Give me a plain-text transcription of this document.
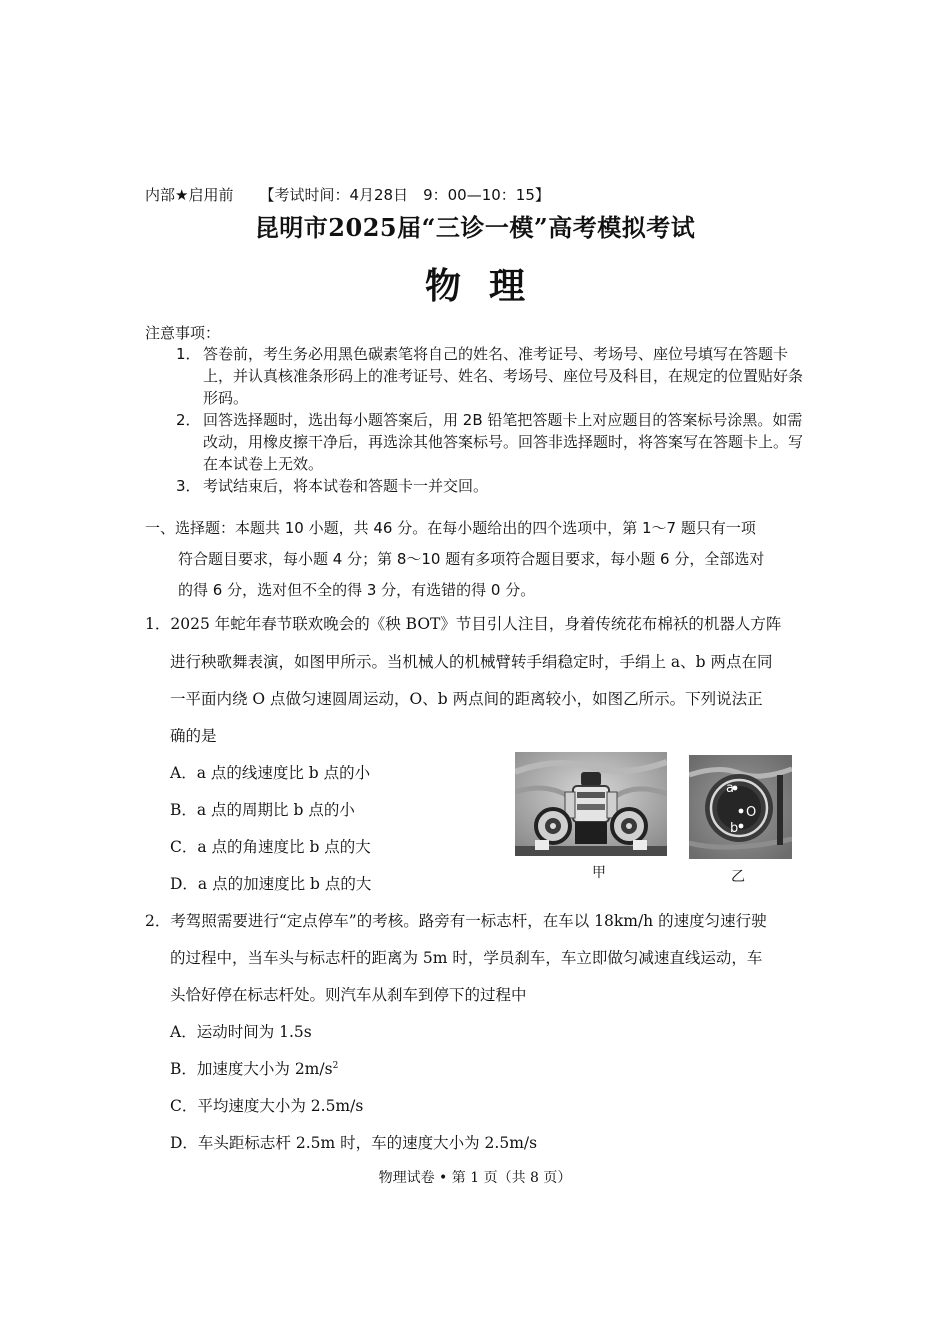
内部★启用前 【考试时间：4月28日　9：00—10：15】
昆明市2025届“三诊一模”高考模拟考试
物理
注意事项：
1． 答卷前，考生务必用黑色碳素笔将自己的姓名、准考证号、考场号、座位号填写在答题卡上，并认真核准条形码上的准考证号、姓名、考场号、座位号及科目，在规定的位置贴好条形码。
2． 回答选择题时，选出每小题答案后，用 2B 铅笔把答题卡上对应题目的答案标号涂黑。如需改动，用橡皮擦干净后，再选涂其他答案标号。回答非选择题时，将答案写在答题卡上。写在本试卷上无效。
3． 考试结束后，将本试卷和答题卡一并交回。
一、选择题：本题共 10 小题，共 46 分。在每小题给出的四个选项中，第 1～7 题只有一项
符合题目要求，每小题 4 分；第 8～10 题有多项符合题目要求，每小题 6 分，全部选对
的得 6 分，选对但不全的得 3 分，有选错的得 0 分。
1．2025 年蛇年春节联欢晚会的《秧 BOT》节目引人注目，身着传统花布棉袄的机器人方阵
进行秧歌舞表演，如图甲所示。当机械人的机械臂转手绢稳定时，手绢上 a、b 两点在同
一平面内绕 O 点做匀速圆周运动，O、b 两点间的距离较小，如图乙所示。下列说法正
确的是
A．a 点的线速度比 b 点的小
B．a 点的周期比 b 点的小
C．a 点的角速度比 b 点的大
D．a 点的加速度比 b 点的大
甲
a
O
b
乙
2．考驾照需要进行“定点停车”的考核。路旁有一标志杆，在车以 18km/h 的速度匀速行驶
的过程中，当车头与标志杆的距离为 5m 时，学员刹车，车立即做匀减速直线运动，车
头恰好停在标志杆处。则汽车从刹车到停下的过程中
A．运动时间为 1.5s
B．加速度大小为 $2m/s^2$
C．平均速度大小为 2.5m/s
D．车头距标志杆 2.5m 时，车的速度大小为 2.5m/s
物理试卷 • 第 1 页（共 8 页）
